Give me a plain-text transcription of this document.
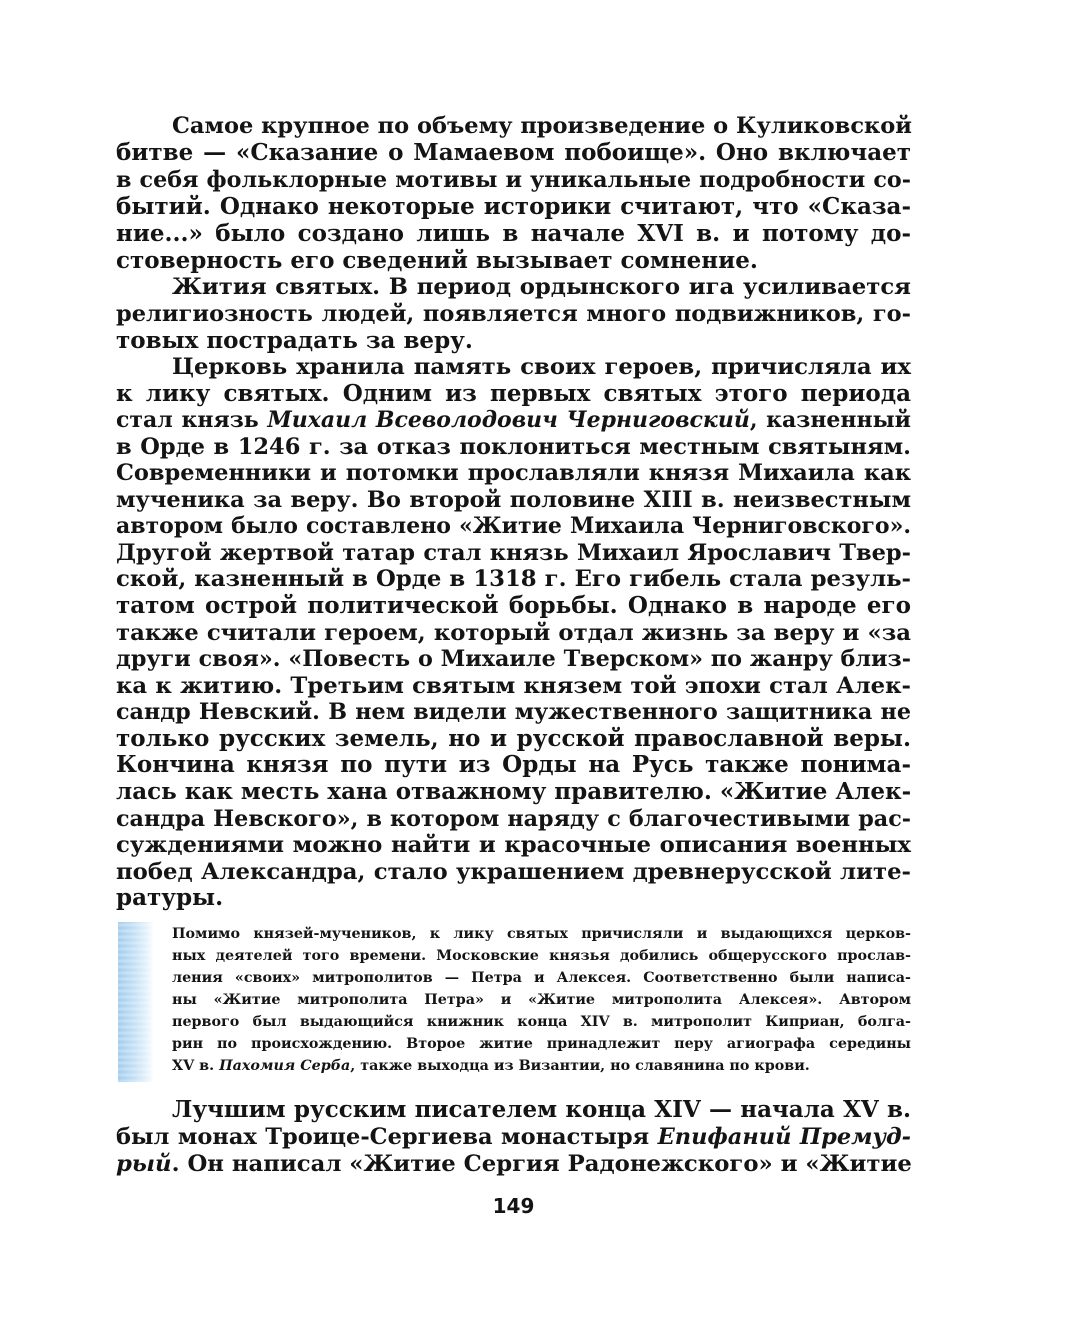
Самое крупное по объему произведение о Куликовской
битве — «Сказание о Мамаевом побоище». Оно включает
в себя фольклорные мотивы и уникальные подробности со-
бытий. Однако некоторые историки считают, что «Сказа-
ние...» было создано лишь в начале XVI в. и потому до-
стоверность его сведений вызывает сомнение.
Жития святых. В период ордынского ига усиливается
религиозность людей, появляется много подвижников, го-
товых пострадать за веру.
Церковь хранила память своих героев, причисляла их
к лику святых. Одним из первых святых этого периода
стал князь Михаил Всеволодович Черниговский, казненный
в Орде в 1246 г. за отказ поклониться местным святыням.
Современники и потомки прославляли князя Михаила как
мученика за веру. Во второй половине XIII в. неизвестным
автором было составлено «Житие Михаила Черниговского».
Другой жертвой татар стал князь Михаил Ярославич Твер-
ской, казненный в Орде в 1318 г. Его гибель стала резуль-
татом острой политической борьбы. Однако в народе его
также считали героем, который отдал жизнь за веру и «за
други своя». «Повесть о Михаиле Тверском» по жанру близ-
ка к житию. Третьим святым князем той эпохи стал Алек-
сандр Невский. В нем видели мужественного защитника не
только русских земель, но и русской православной веры.
Кончина князя по пути из Орды на Русь также понима-
лась как месть хана отважному правителю. «Житие Алек-
сандра Невского», в котором наряду с благочестивыми рас-
суждениями можно найти и красочные описания военных
побед Александра, стало украшением древнерусской лите-
ратуры.
Помимо князей-мучеников, к лику святых причисляли и выдающихся церков-
ных деятелей того времени. Московские князья добились общерусского прослав-
ления «своих» митрополитов — Петра и Алексея. Соответственно были написа-
ны «Житие митрополита Петра» и «Житие митрополита Алексея». Автором
первого был выдающийся книжник конца XIV в. митрополит Киприан, болга-
рин по происхождению. Второе житие принадлежит перу агиографа середины
XV в. Пахомия Серба, также выходца из Византии, но славянина по крови.
Лучшим русским писателем конца XIV — начала XV в.
был монах Троице-Сергиева монастыря Епифаний Премуд-
рый. Он написал «Житие Сергия Радонежского» и «Житие
149
